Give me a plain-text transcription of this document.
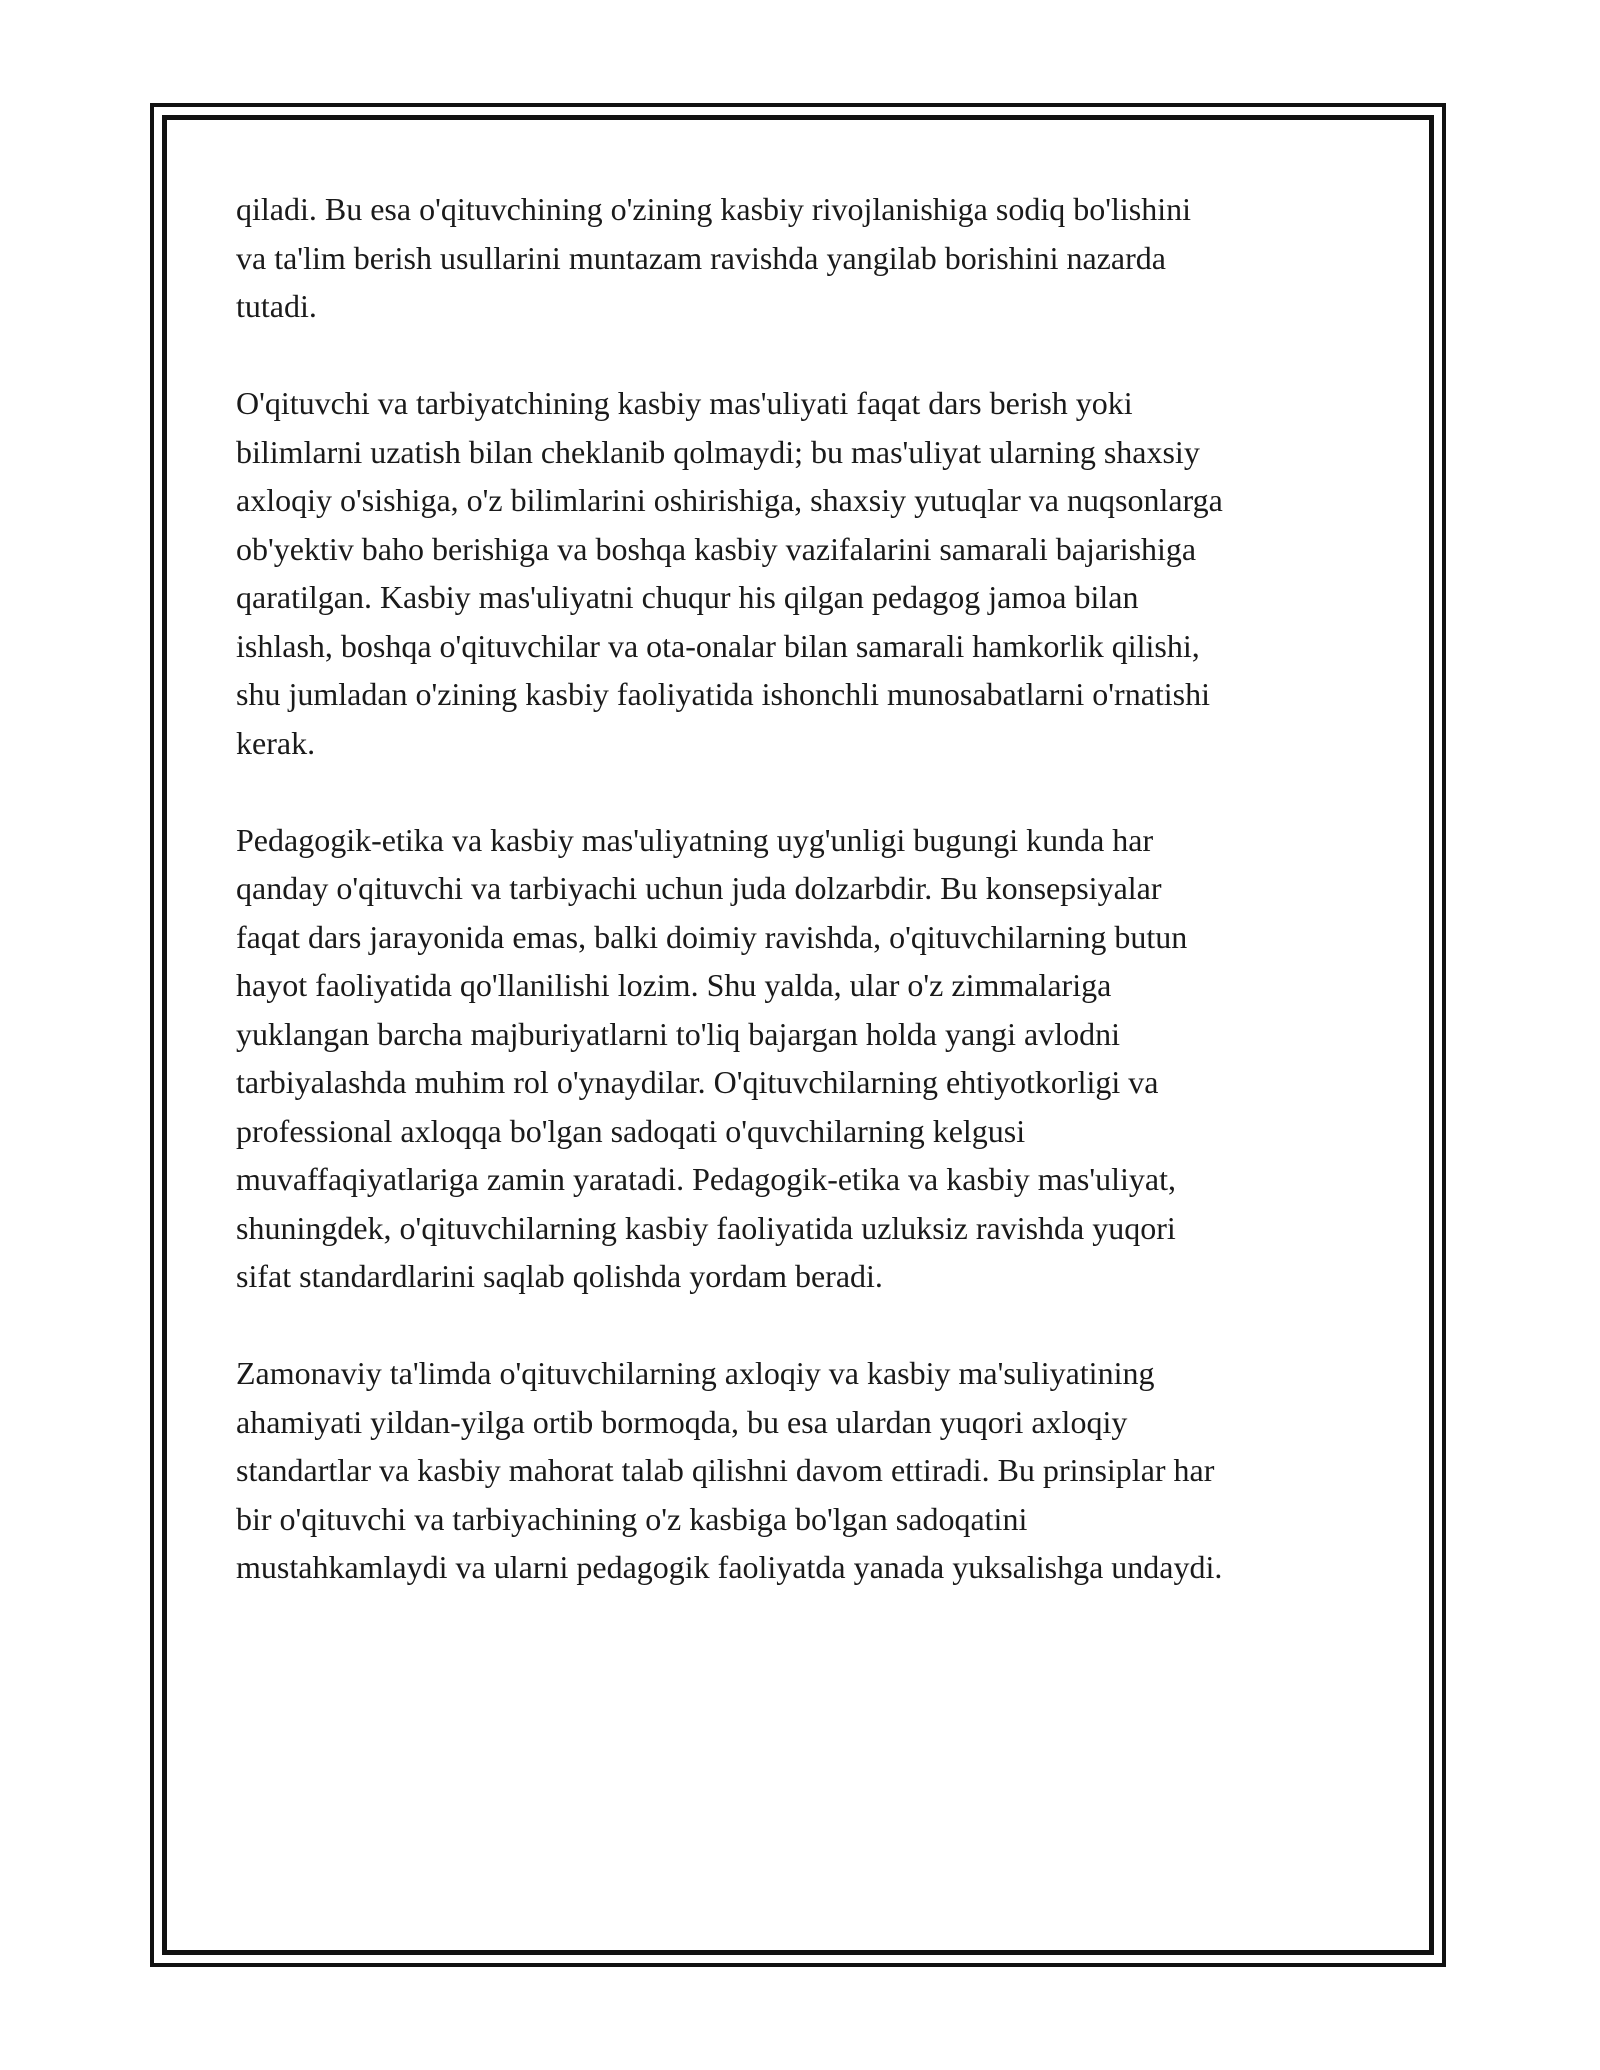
qiladi. Bu esa o'qituvchining o'zining kasbiy rivojlanishiga sodiq bo'lishini
va ta'lim berish usullarini muntazam ravishda yangilab borishini nazarda
tutadi.

O'qituvchi va tarbiyatchining kasbiy mas'uliyati faqat dars berish yoki
bilimlarni uzatish bilan cheklanib qolmaydi; bu mas'uliyat ularning shaxsiy
axloqiy o'sishiga, o'z bilimlarini oshirishiga, shaxsiy yutuqlar va nuqsonlarga
ob'yektiv baho berishiga va boshqa kasbiy vazifalarini samarali bajarishiga
qaratilgan. Kasbiy mas'uliyatni chuqur his qilgan pedagog jamoa bilan
ishlash, boshqa o'qituvchilar va ota-onalar bilan samarali hamkorlik qilishi,
shu jumladan o'zining kasbiy faoliyatida ishonchli munosabatlarni o'rnatishi
kerak.

Pedagogik-etika va kasbiy mas'uliyatning uyg'unligi bugungi kunda har
qanday o'qituvchi va tarbiyachi uchun juda dolzarbdir. Bu konsepsiyalar
faqat dars jarayonida emas, balki doimiy ravishda, o'qituvchilarning butun
hayot faoliyatida qo'llanilishi lozim. Shu yalda, ular o'z zimmalariga
yuklangan barcha majburiyatlarni to'liq bajargan holda yangi avlodni
tarbiyalashda muhim rol o'ynaydilar. O'qituvchilarning ehtiyotkorligi va
professional axloqqa bo'lgan sadoqati o'quvchilarning kelgusi
muvaffaqiyatlariga zamin yaratadi. Pedagogik-etika va kasbiy mas'uliyat,
shuningdek, o'qituvchilarning kasbiy faoliyatida uzluksiz ravishda yuqori
sifat standardlarini saqlab qolishda yordam beradi.

Zamonaviy ta'limda o'qituvchilarning axloqiy va kasbiy ma'suliyatining
ahamiyati yildan-yilga ortib bormoqda, bu esa ulardan yuqori axloqiy
standartlar va kasbiy mahorat talab qilishni davom ettiradi. Bu prinsiplar har
bir o'qituvchi va tarbiyachining o'z kasbiga bo'lgan sadoqatini
mustahkamlaydi va ularni pedagogik faoliyatda yanada yuksalishga undaydi.
